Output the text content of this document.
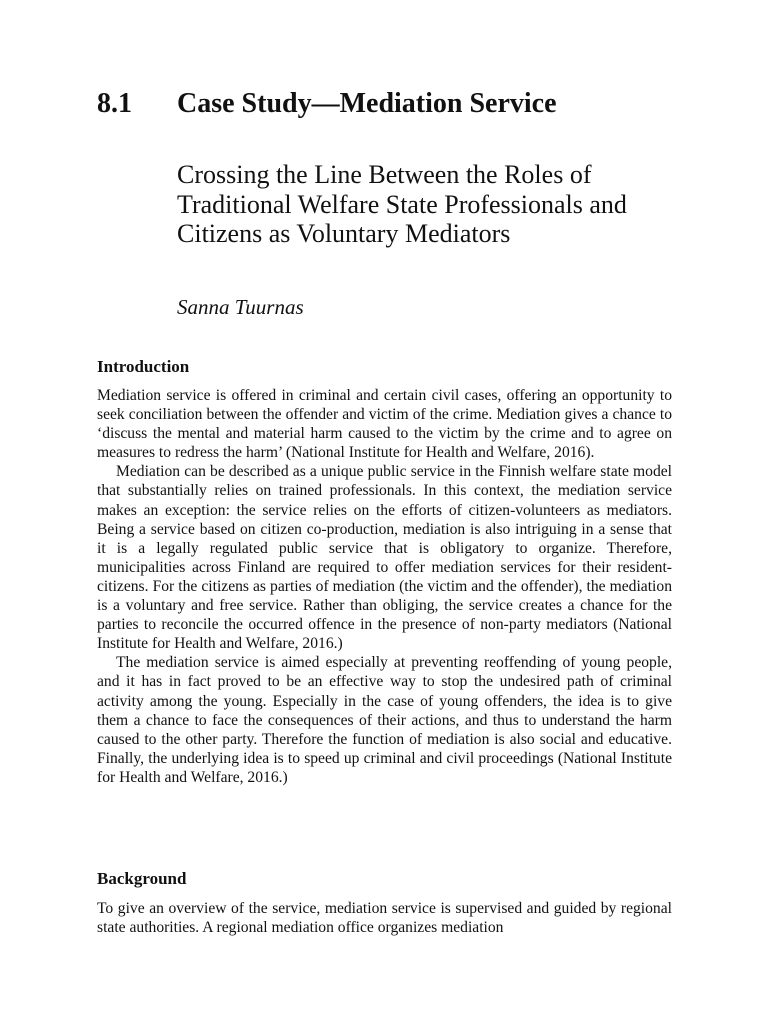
8.1 Case Study—Mediation Service
Crossing the Line Between the Roles of Traditional Welfare State Professionals and Citizens as Voluntary Mediators
Sanna Tuurnas
Introduction

Mediation service is offered in criminal and certain civil cases, offering an opportunity to seek conciliation between the offender and victim of the crime. Mediation gives a chance to ‘discuss the mental and material harm caused to the victim by the crime and to agree on measures to redress the harm’ (National Institute for Health and Welfare, 2016).

Mediation can be described as a unique public service in the Finnish welfare state model that substantially relies on trained professionals. In this context, the mediation service makes an exception: the service relies on the efforts of citizen-volunteers as mediators. Being a service based on citizen co-production, mediation is also intriguing in a sense that it is a legally regulated public service that is obligatory to organize. Therefore, municipalities across Finland are required to offer mediation services for their resident-citizens. For the citizens as parties of mediation (the victim and the offender), the mediation is a voluntary and free service. Rather than obliging, the service creates a chance for the parties to reconcile the occurred offence in the presence of non-party mediators (National Institute for Health and Welfare, 2016.)

The mediation service is aimed especially at preventing reoffending of young people, and it has in fact proved to be an effective way to stop the undesired path of criminal activity among the young. Especially in the case of young offenders, the idea is to give them a chance to face the consequences of their actions, and thus to understand the harm caused to the other party. Therefore the function of mediation is also social and educative. Finally, the underlying idea is to speed up criminal and civil proceedings (National Institute for Health and Welfare, 2016.)

Background

To give an overview of the service, mediation service is supervised and guided by regional state authorities. A regional mediation office organizes mediation
